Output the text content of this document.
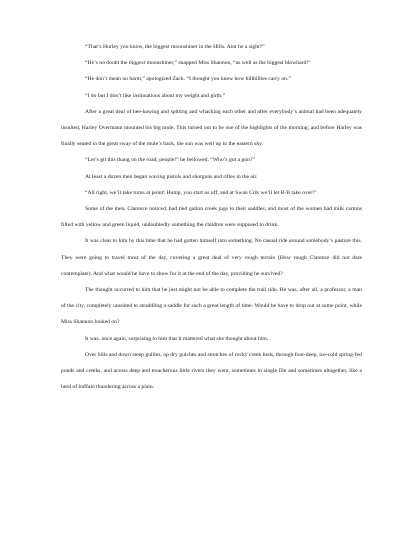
“That’s Hurley you know, the biggest moonshiner in the Hills. Aint he a sight?”

“He’s no doubt the biggest moonshiner,” snapped Miss Shannon, “as well as the biggest blowhard!”

“He don’t mean no harm,” apologized Zack. “I thought you knew how hillbillies carry on.”

“I do but I don’t like insinuations about my weight and girth.”

After a great deal of hee-hawing and spitting and whacking each other and after everybody’s animal had been adequately insulted, Harley Overmann mounted his big mule. This turned out to be one of the highlights of the morning; and before Harley was finally seated in the great sway of the mule’s back, the sun was well up in the eastern sky.

“Let’s git this thang on the road, people!” he bellowed. “Who’s got a gun?”

At least a dozen men began waving pistols and shotguns and rifles in the air.

“All right, we’ll take turns at point! Hump, you start us off, and at Swan Crik we’ll let B-B take over!”

Some of the men, Clarence noticed, had tied gallon creek jugs to their saddles; and most of the women had milk cartons filled with yellow and green liquid, undoubtedly something the children were supposed to drink.

It was clear to him by this time that he had gotten himself into something. No casual ride around somebody’s pasture this. They were going to travel most of the day, covering a great deal of very rough terrain (How rough Clarence did not dare contemplate). And what would he have to show for it at the end of the day, providing he survived?

The thought occurred to him that he just might not be able to complete the trail ride. He was, after all, a professor, a man of the city, completely unsuited to straddling a saddle for such a great length of time. Would he have to drop out at some point, while Miss Shannon looked on?

It was, once again, surprising to him that it mattered what she thought about him.

Over hills and down steep gullies, up dry gulches and stretches of rocky creek beds, through foot-deep, ice-cold spring-fed ponds and creeks, and across deep and treacherous little rivers they went, sometimes in single file and sometimes altogether, like a herd of buffalo thundering across a plain.
